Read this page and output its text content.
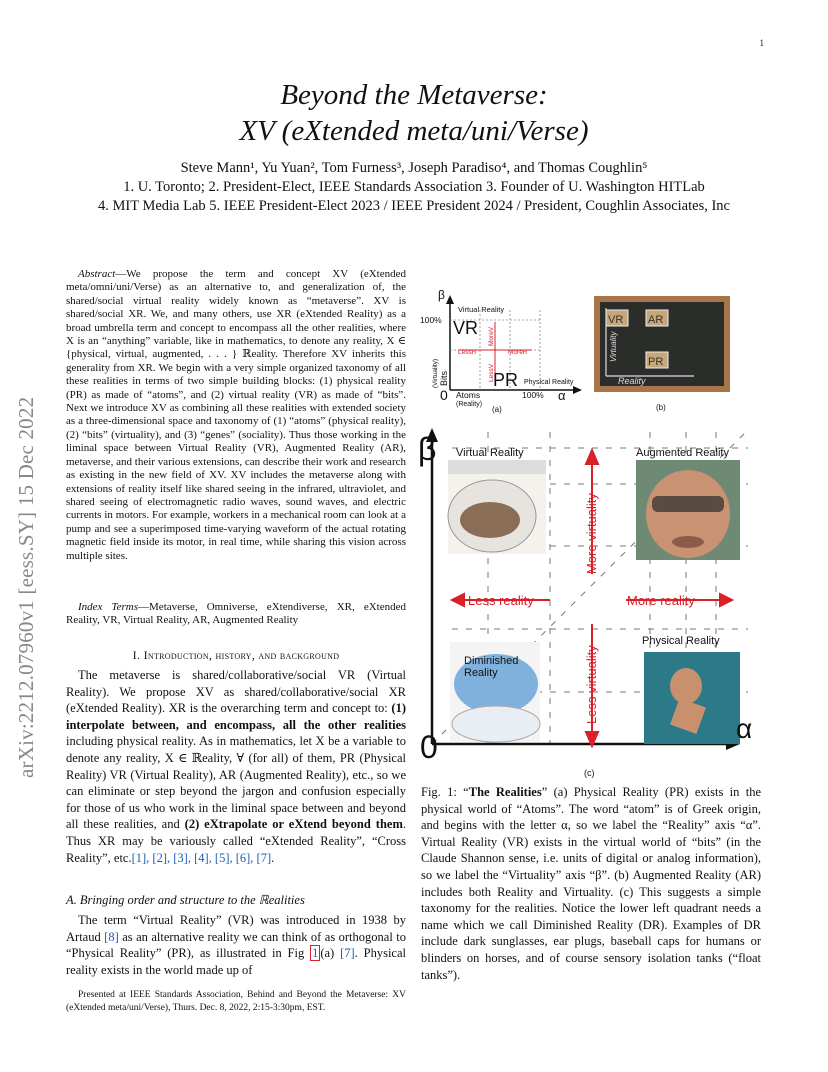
1
Beyond the Metaverse:
XV (eXtended meta/uni/Verse)
Steve Mann¹, Yu Yuan², Tom Furness³, Joseph Paradiso⁴, and Thomas Coughlin⁵
1. U. Toronto; 2. President-Elect, IEEE Standards Association 3. Founder of U. Washington HITLab
4. MIT Media Lab 5. IEEE President-Elect 2023 / IEEE President 2024 / President, Coughlin Associates, Inc
arXiv:2212.07960v1 [eess.SY] 15 Dec 2022
Abstract—We propose the term and concept XV (eXtended meta/omni/uni/Verse) as an alternative to, and generalization of, the shared/social virtual reality widely known as “metaverse”. XV is shared/social XR. We, and many others, use XR (eXtended Reality) as a broad umbrella term and concept to encompass all the other realities, where X is an “anything” variable, like in mathematics, to denote any reality, X ∈ {physical, virtual, augmented, . . . } ℝeality. Therefore XV inherits this generality from XR. We begin with a very simple organized taxonomy of all these realities in terms of two simple building blocks: (1) physical reality (PR) as made of “atoms”, and (2) virtual reality (VR) as made of “bits”. Next we introduce XV as combining all these realities with extended society as a three-dimensional space and taxonomy of (1) “atoms” (physical reality), (2) “bits” (virtuality), and (3) “genes” (sociality). Thus those working in the liminal space between Virtual Reality (VR), Augmented Reality (AR), metaverse, and their various extensions, can describe their work and research as existing in the new field of XV. XV includes the metaverse along with extensions of reality itself like shared seeing in the infrared, ultraviolet, and shared seeing of electromagnetic radio waves, sound waves, and electric currents in motors. For example, workers in a mechanical room can look at a pump and see a superimposed time-varying waveform of the actual rotating magnetic field inside its motor, in real time, while sharing this vision across multiple sites.
Index Terms—Metaverse, Omniverse, eXtendiverse, XR, eXtended Reality, VR, Virtual Reality, AR, Augmented Reality
I. Introduction, history, and background
The metaverse is shared/collaborative/social VR (Virtual Reality). We propose XV as shared/collaborative/social XR (eXtended Reality). XR is the overarching term and concept to: (1) interpolate between, and encompass, all the other realities including physical reality. As in mathematics, let X be a variable to denote any reality, X ∈ ℝeality, ∀ (for all) of them, PR (Physical Reality) VR (Virtual Reality), AR (Augmented Reality), etc., so we can eliminate or step beyond the jargon and confusion especially for those of us who work in the liminal space between and beyond all these realities, and (2) eXtrapolate or eXtend beyond them. Thus XR may be variously called “eXtended Reality”, “Cross Reality”, etc.[1], [2], [3], [4], [5], [6], [7].
A. Bringing order and structure to the ℝealities
The term “Virtual Reality” (VR) was introduced in 1938 by Artaud [8] as an alternative reality we can think of as orthogonal to “Physical Reality” (PR), as illustrated in Fig 1 (a) [7]. Physical reality exists in the world made up of
Presented at IEEE Standards Association, Behind and Beyond the Metaverse: XV (eXtended meta/uni/Verse), Thurs. Dec. 8, 2022, 2:15-3:30pm, EST.
β
Virtual Reality
100% VR
LessR	MoreR
MoreV
LessV
Bits
(Virtuality)	PR Physical Reality
0 Atoms
(Reality)
100% α
(a)
VR AR
PR
Virtuality
Reality
(b)
Less reality	More reality
More virtuality
Less virtuality
β Virtual Reality	Augmented Reality
Physical Reality
Diminished Reality
0
α
(c)
Fig. 1: “The Realities” (a) Physical Reality (PR) exists in the physical world of “Atoms”. The word “atom” is of Greek origin, and begins with the letter α, so we label the “Reality” axis “α”. Virtual Reality (VR) exists in the virtual world of “bits” (in the Claude Shannon sense, i.e. units of digital or analog information), so we label the “Virtuality” axis “β”. (b) Augmented Reality (AR) includes both Reality and Virtuality. (c) This suggests a simple taxonomy for the realities. Notice the lower left quadrant needs a name which we call Diminished Reality (DR). Examples of DR include dark sunglasses, ear plugs, baseball caps for humans or blinders on horses, and of course sensory isolation tanks (“float tanks”).
